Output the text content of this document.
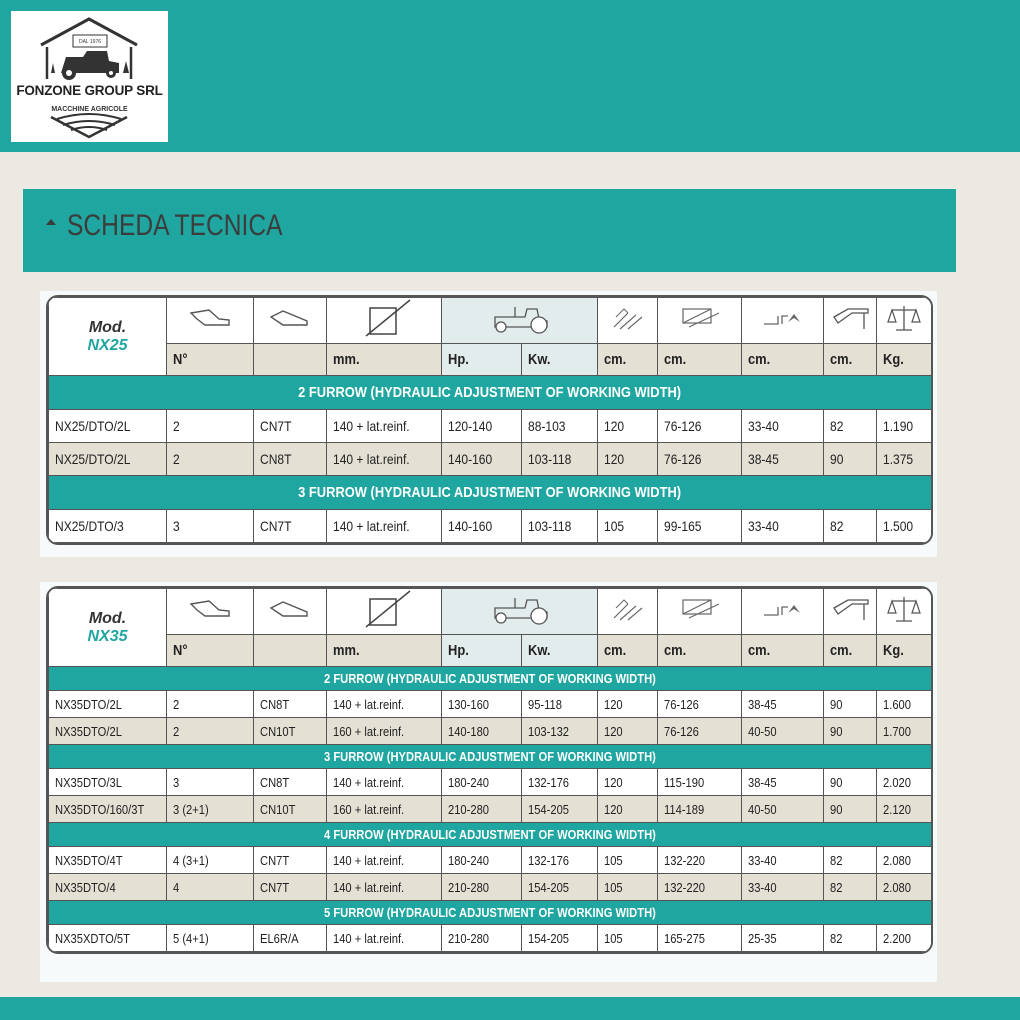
DAL 1976
FONZONE GROUP SRL
MACCHINE AGRICOLE
SCHEDA TECNICA
Mod.
NX25

	N°		mm.	Hp.	Kw.	cm.	cm.	cm.	cm.	Kg.
2 FURROW (HYDRAULIC ADJUSTMENT OF WORKING WIDTH)										
NX25/DTO/2L	2	CN7T	140 + lat.reinf.	120-140	88-103	120	76-126	33-40	82	1.190
NX25/DTO/2L	2	CN8T	140 + lat.reinf.	140-160	103-118	120	76-126	38-45	90	1.375
3 FURROW (HYDRAULIC ADJUSTMENT OF WORKING WIDTH)										
NX25/DTO/3	3	CN7T	140 + lat.reinf.	140-160	103-118	105	99-165	33-40	82	1.500
Mod.
NX35

	N°		mm.	Hp.	Kw.	cm.	cm.	cm.	cm.	Kg.
2 FURROW (HYDRAULIC ADJUSTMENT OF WORKING WIDTH)										
NX35DTO/2L	2	CN8T	140 + lat.reinf.	130-160	95-118	120	76-126	38-45	90	1.600
NX35DTO/2L	2	CN10T	160 + lat.reinf.	140-180	103-132	120	76-126	40-50	90	1.700
3 FURROW (HYDRAULIC ADJUSTMENT OF WORKING WIDTH)										
NX35DTO/3L	3	CN8T	140 + lat.reinf.	180-240	132-176	120	115-190	38-45	90	2.020
NX35DTO/160/3T	3 (2+1)	CN10T	160 + lat.reinf.	210-280	154-205	120	114-189	40-50	90	2.120
4 FURROW (HYDRAULIC ADJUSTMENT OF WORKING WIDTH)										
NX35DTO/4T	4 (3+1)	CN7T	140 + lat.reinf.	180-240	132-176	105	132-220	33-40	82	2.080
NX35DTO/4	4	CN7T	140 + lat.reinf.	210-280	154-205	105	132-220	33-40	82	2.080
5 FURROW (HYDRAULIC ADJUSTMENT OF WORKING WIDTH)										
NX35XDTO/5T	5 (4+1)	EL6R/A	140 + lat.reinf.	210-280	154-205	105	165-275	25-35	82	2.200
